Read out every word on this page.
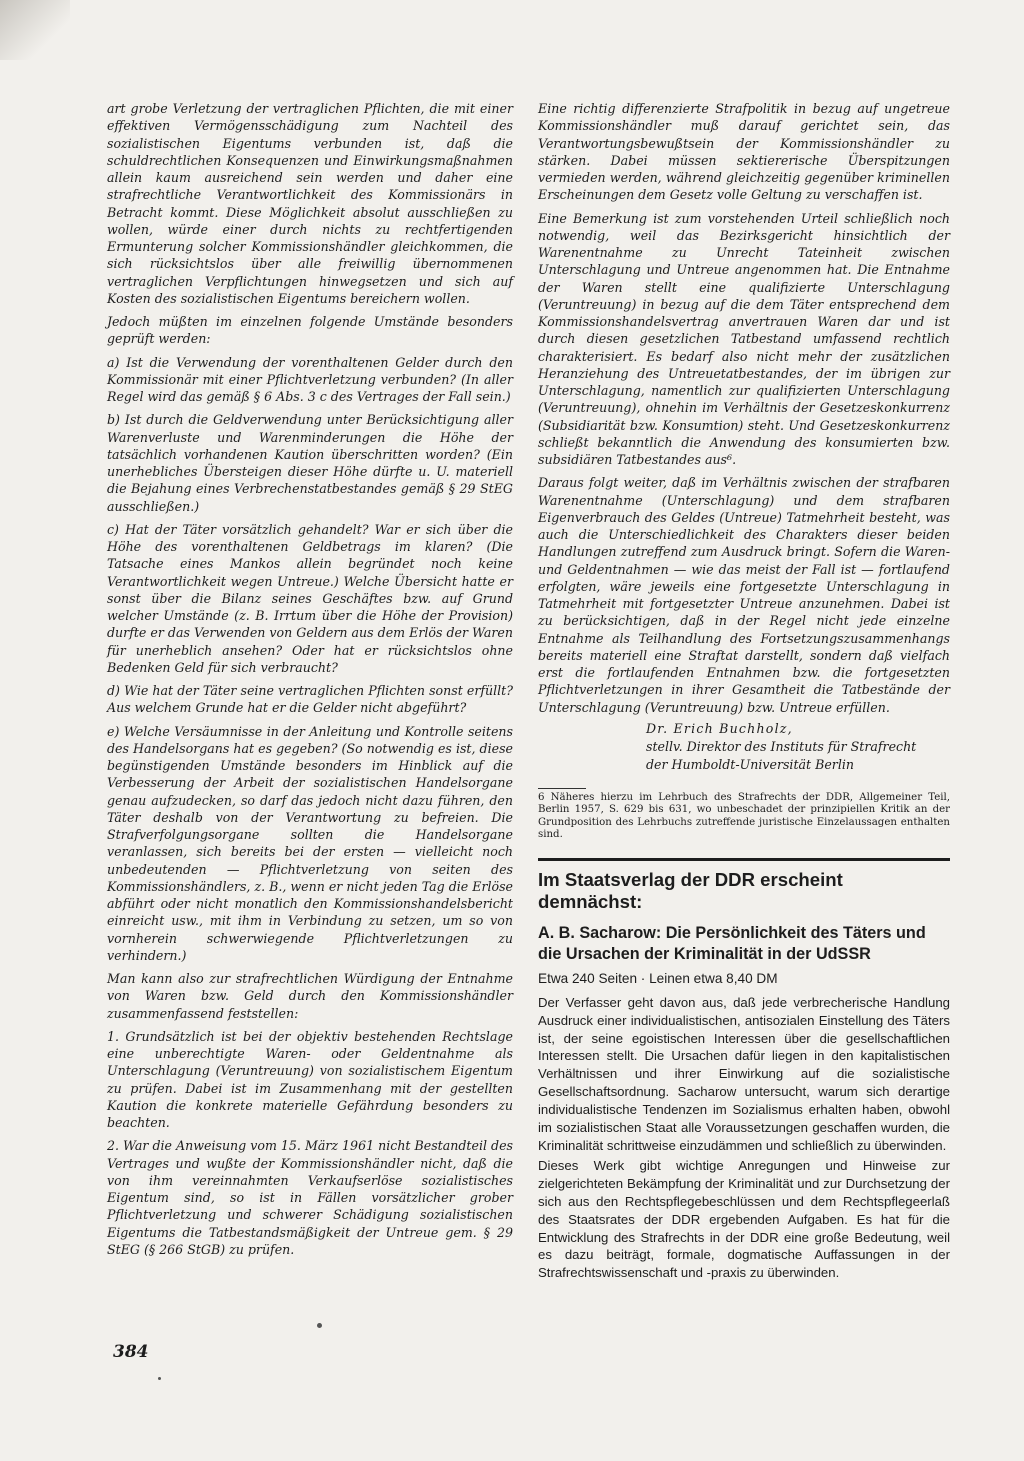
art grobe Verletzung der vertraglichen Pflichten, die mit einer effektiven Vermögensschädigung zum Nachteil des sozialistischen Eigentums verbunden ist, daß die schuldrechtlichen Konsequenzen und Einwirkungsmaßnahmen allein kaum ausreichend sein werden und daher eine strafrechtliche Verantwortlichkeit des Kommissionärs in Betracht kommt. Diese Möglichkeit absolut ausschließen zu wollen, würde einer durch nichts zu rechtfertigenden Ermunterung solcher Kommissionshändler gleichkommen, die sich rücksichtslos über alle freiwillig übernommenen vertraglichen Verpflichtungen hinwegsetzen und sich auf Kosten des sozialistischen Eigentums bereichern wollen.

Jedoch müßten im einzelnen folgende Umstände besonders geprüft werden:

a) Ist die Verwendung der vorenthaltenen Gelder durch den Kommissionär mit einer Pflichtverletzung verbunden? (In aller Regel wird das gemäß § 6 Abs. 3 c des Vertrages der Fall sein.)

b) Ist durch die Geldverwendung unter Berücksichtigung aller Warenverluste und Warenminderungen die Höhe der tatsächlich vorhandenen Kaution überschritten worden? (Ein unerhebliches Übersteigen dieser Höhe dürfte u. U. materiell die Bejahung eines Verbrechenstatbestandes gemäß § 29 StEG ausschließen.)

c) Hat der Täter vorsätzlich gehandelt? War er sich über die Höhe des vorenthaltenen Geldbetrags im klaren? (Die Tatsache eines Mankos allein begründet noch keine Verantwortlichkeit wegen Untreue.) Welche Übersicht hatte er sonst über die Bilanz seines Geschäftes bzw. auf Grund welcher Umstände (z. B. Irrtum über die Höhe der Provision) durfte er das Verwenden von Geldern aus dem Erlös der Waren für unerheblich ansehen? Oder hat er rücksichtslos ohne Bedenken Geld für sich verbraucht?

d) Wie hat der Täter seine vertraglichen Pflichten sonst erfüllt? Aus welchem Grunde hat er die Gelder nicht abgeführt?

e) Welche Versäumnisse in der Anleitung und Kontrolle seitens des Handelsorgans hat es gegeben? (So notwendig es ist, diese begünstigenden Umstände besonders im Hinblick auf die Verbesserung der Arbeit der sozialistischen Handelsorgane genau aufzudecken, so darf das jedoch nicht dazu führen, den Täter deshalb von der Verantwortung zu befreien. Die Strafverfolgungsorgane sollten die Handelsorgane veranlassen, sich bereits bei der ersten — vielleicht noch unbedeutenden — Pflichtverletzung von seiten des Kommissionshändlers, z. B., wenn er nicht jeden Tag die Erlöse abführt oder nicht monatlich den Kommissionshandelsbericht einreicht usw., mit ihm in Verbindung zu setzen, um so von vornherein schwerwiegende Pflichtverletzungen zu verhindern.)

Man kann also zur strafrechtlichen Würdigung der Entnahme von Waren bzw. Geld durch den Kommissionshändler zusammenfassend feststellen:

1. Grundsätzlich ist bei der objektiv bestehenden Rechtslage eine unberechtigte Waren- oder Geldentnahme als Unterschlagung (Veruntreuung) von sozialistischem Eigentum zu prüfen. Dabei ist im Zusammenhang mit der gestellten Kaution die konkrete materielle Gefährdung besonders zu beachten.

2. War die Anweisung vom 15. März 1961 nicht Bestandteil des Vertrages und wußte der Kommissionshändler nicht, daß die von ihm vereinnahmten Verkaufserlöse sozialistisches Eigentum sind, so ist in Fällen vorsätzlicher grober Pflichtverletzung und schwerer Schädigung sozialistischen Eigentums die Tatbestandsmäßigkeit der Untreue gem. § 29 StEG (§ 266 StGB) zu prüfen.

Eine richtig differenzierte Strafpolitik in bezug auf ungetreue Kommissionshändler muß darauf gerichtet sein, das Verantwortungsbewußtsein der Kommissionshändler zu stärken. Dabei müssen sektiererische Überspitzungen vermieden werden, während gleichzeitig gegenüber kriminellen Erscheinungen dem Gesetz volle Geltung zu verschaffen ist.

Eine Bemerkung ist zum vorstehenden Urteil schließlich noch notwendig, weil das Bezirksgericht hinsichtlich der Warenentnahme zu Unrecht Tateinheit zwischen Unterschlagung und Untreue angenommen hat. Die Entnahme der Waren stellt eine qualifizierte Unterschlagung (Veruntreuung) in bezug auf die dem Täter entsprechend dem Kommissionshandelsvertrag anvertrauen Waren dar und ist durch diesen gesetzlichen Tatbestand umfassend rechtlich charakterisiert. Es bedarf also nicht mehr der zusätzlichen Heranziehung des Untreuetatbestandes, der im übrigen zur Unterschlagung, namentlich zur qualifizierten Unterschlagung (Veruntreuung), ohnehin im Verhältnis der Gesetzeskonkurrenz (Subsidiarität bzw. Konsumtion) steht. Und Gesetzeskonkurrenz schließt bekanntlich die Anwendung des konsumierten bzw. subsidiären Tatbestandes aus⁶.

Daraus folgt weiter, daß im Verhältnis zwischen der strafbaren Warenentnahme (Unterschlagung) und dem strafbaren Eigenverbrauch des Geldes (Untreue) Tatmehrheit besteht, was auch die Unterschiedlichkeit des Charakters dieser beiden Handlungen zutreffend zum Ausdruck bringt. Sofern die Waren- und Geldentnahmen — wie das meist der Fall ist — fortlaufend erfolgten, wäre jeweils eine fortgesetzte Unterschlagung in Tatmehrheit mit fortgesetzter Untreue anzunehmen. Dabei ist zu berücksichtigen, daß in der Regel nicht jede einzelne Entnahme als Teilhandlung des Fortsetzungszusammenhangs bereits materiell eine Straftat darstellt, sondern daß vielfach erst die fortlaufenden Entnahmen bzw. die fortgesetzten Pflichtverletzungen in ihrer Gesamtheit die Tatbestände der Unterschlagung (Veruntreuung) bzw. Untreue erfüllen.

Dr. Erich Buchholz,
stellv. Direktor des Instituts für Strafrecht
der Humboldt-Universität Berlin
6 Näheres hierzu im Lehrbuch des Strafrechts der DDR, Allgemeiner Teil, Berlin 1957, S. 629 bis 631, wo unbeschadet der prinzipiellen Kritik an der Grundposition des Lehrbuchs zutreffende juristische Einzelaussagen enthalten sind.
Im Staatsverlag der DDR erscheint demnächst:
A. B. Sacharow: Die Persönlichkeit des Täters und die Ursachen der Kriminalität in der UdSSR
Etwa 240 Seiten · Leinen etwa 8,40 DM

Der Verfasser geht davon aus, daß jede verbrecherische Handlung Ausdruck einer individualistischen, antisozialen Einstellung des Täters ist, der seine egoistischen Interessen über die gesellschaftlichen Interessen stellt. Die Ursachen dafür liegen in den kapitalistischen Verhältnissen und ihrer Einwirkung auf die sozialistische Gesellschaftsordnung. Sacharow untersucht, warum sich derartige individualistische Tendenzen im Sozialismus erhalten haben, obwohl im sozialistischen Staat alle Voraussetzungen geschaffen wurden, die Kriminalität schrittweise einzudämmen und schließlich zu überwinden.

Dieses Werk gibt wichtige Anregungen und Hinweise zur zielgerichteten Bekämpfung der Kriminalität und zur Durchsetzung der sich aus den Rechtspflegebeschlüssen und dem Rechtspflegeerlaß des Staatsrates der DDR ergebenden Aufgaben. Es hat für die Entwicklung des Strafrechts in der DDR eine große Bedeutung, weil es dazu beiträgt, formale, dogmatische Auffassungen in der Strafrechtswissenschaft und -praxis zu überwinden.

384
